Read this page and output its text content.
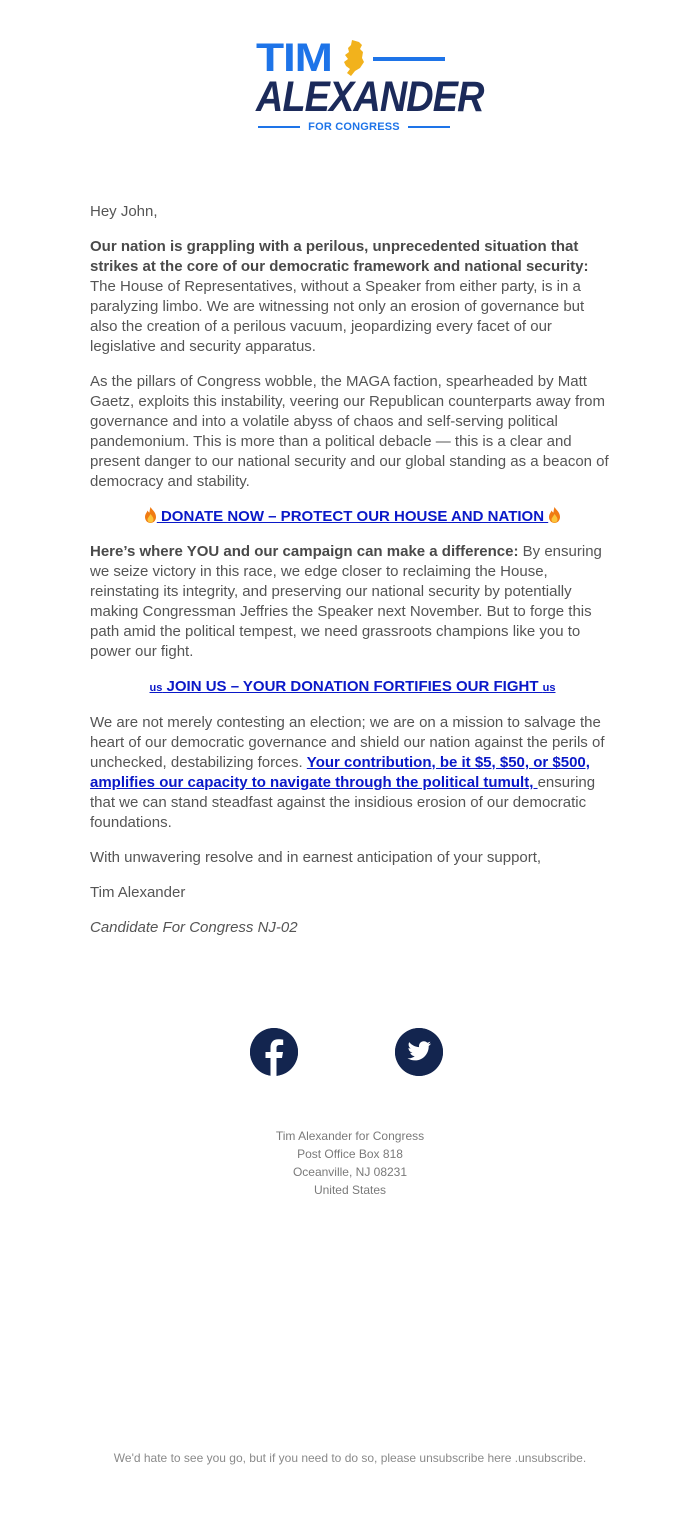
TIM
ALEXANDER
FOR CONGRESS

Hey John,

Our nation is grappling with a perilous, unprecedented situation that strikes at the core of our democratic framework and national security: The House of Representatives, without a Speaker from either party, is in a paralyzing limbo. We are witnessing not only an erosion of governance but also the creation of a perilous vacuum, jeopardizing every facet of our legislative and security apparatus.

As the pillars of Congress wobble, the MAGA faction, spearheaded by Matt Gaetz, exploits this instability, veering our Republican counterparts away from governance and into a volatile abyss of chaos and self-serving political pandemonium. This is more than a political debacle — this is a clear and present danger to our national security and our global standing as a beacon of democracy and stability.

DONATE NOW – PROTECT OUR HOUSE AND NATION

Here’s where YOU and our campaign can make a difference: By ensuring we seize victory in this race, we edge closer to reclaiming the House, reinstating its integrity, and preserving our national security by potentially making Congressman Jeffries the Speaker next November. But to forge this path amid the political tempest, we need grassroots champions like you to power our fight.

us JOIN US – YOUR DONATION FORTIFIES OUR FIGHT us

We are not merely contesting an election; we are on a mission to salvage the heart of our democratic governance and shield our nation against the perils of unchecked, destabilizing forces. Your contribution, be it $5, $50, or $500, amplifies our capacity to navigate through the political tumult, ensuring that we can stand steadfast against the insidious erosion of our democratic foundations.

With unwavering resolve and in earnest anticipation of your support,

Tim Alexander

Candidate For Congress NJ-02

Tim Alexander for Congress
Post Office Box 818
Oceanville, NJ 08231
United States
We'd hate to see you go, but if you need to do so, please unsubscribe here .unsubscribe.
